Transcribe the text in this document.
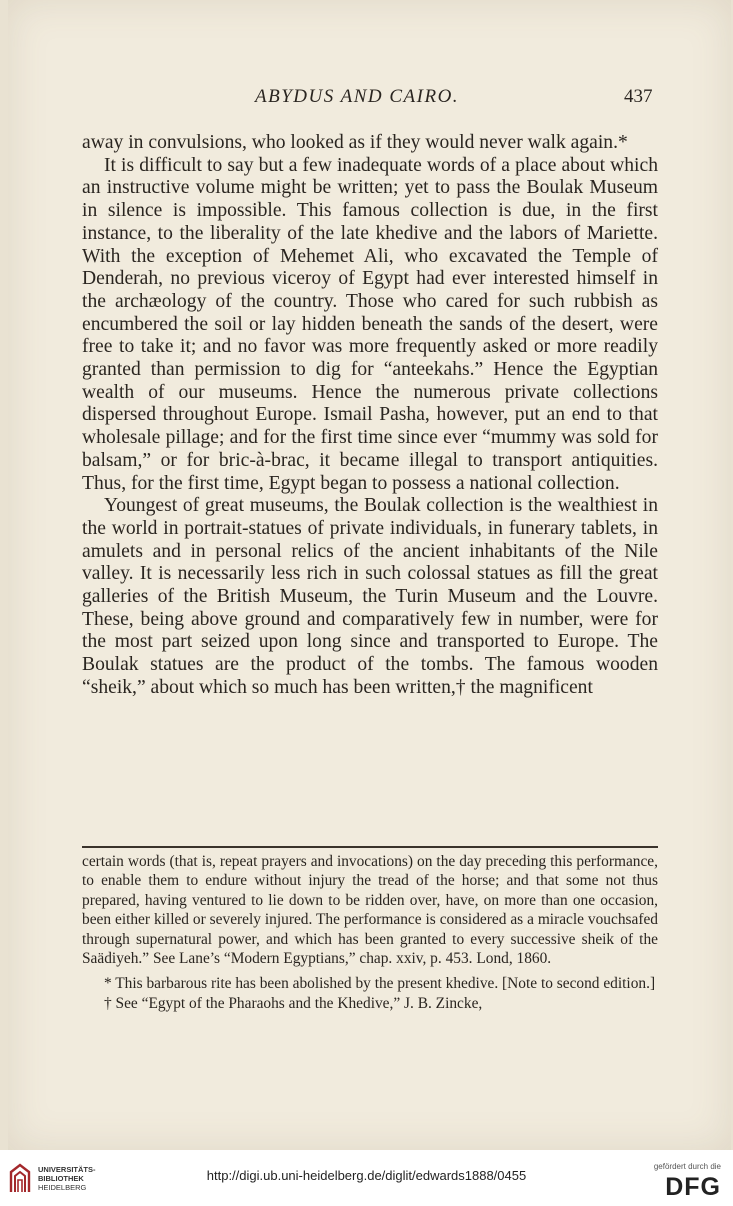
ABYDUS AND CAIRO.	437

away in convulsions, who looked as if they would never walk again.*

It is difficult to say but a few inadequate words of a place about which an instructive volume might be written; yet to pass the Boulak Museum in silence is impossible. This famous collection is due, in the first instance, to the liberality of the late khedive and the labors of Mariette. With the exception of Mehemet Ali, who excavated the Temple of Denderah, no previous viceroy of Egypt had ever interested himself in the archæology of the country. Those who cared for such rubbish as encumbered the soil or lay hidden beneath the sands of the desert, were free to take it; and no favor was more frequently asked or more readily granted than permission to dig for “anteekahs.” Hence the Egyptian wealth of our museums. Hence the numerous private collections dispersed throughout Europe. Ismail Pasha, however, put an end to that wholesale pillage; and for the first time since ever “mummy was sold for balsam,” or for bric-à-brac, it became illegal to transport antiquities. Thus, for the first time, Egypt began to possess a national collection.

Youngest of great museums, the Boulak collection is the wealthiest in the world in portrait-statues of private individuals, in funerary tablets, in amulets and in personal relics of the ancient inhabitants of the Nile valley. It is necessarily less rich in such colossal statues as fill the great galleries of the British Museum, the Turin Museum and the Louvre. These, being above ground and comparatively few in number, were for the most part seized upon long since and transported to Europe. The Boulak statues are the product of the tombs. The famous wooden “sheik,” about which so much has been written,† the magnificent

certain words (that is, repeat prayers and invocations) on the day preceding this performance, to enable them to endure without injury the tread of the horse; and that some not thus prepared, having ventured to lie down to be ridden over, have, on more than one occasion, been either killed or severely injured. The performance is considered as a miracle vouchsafed through supernatural power, and which has been granted to every successive sheik of the Saädiyeh.” See Lane’s “Modern Egyptians,” chap. xxiv, p. 453. Lond, 1860.

* This barbarous rite has been abolished by the present khedive. [Note to second edition.]

† See “Egypt of the Pharaohs and the Khedive,” J. B. Zincke,

UNIVERSITÄTS-
BIBLIOTHEK
HEIDELBERG
http://digi.ub.uni-heidelberg.de/diglit/edwards1888/0455
gefördert durch die
DFG
